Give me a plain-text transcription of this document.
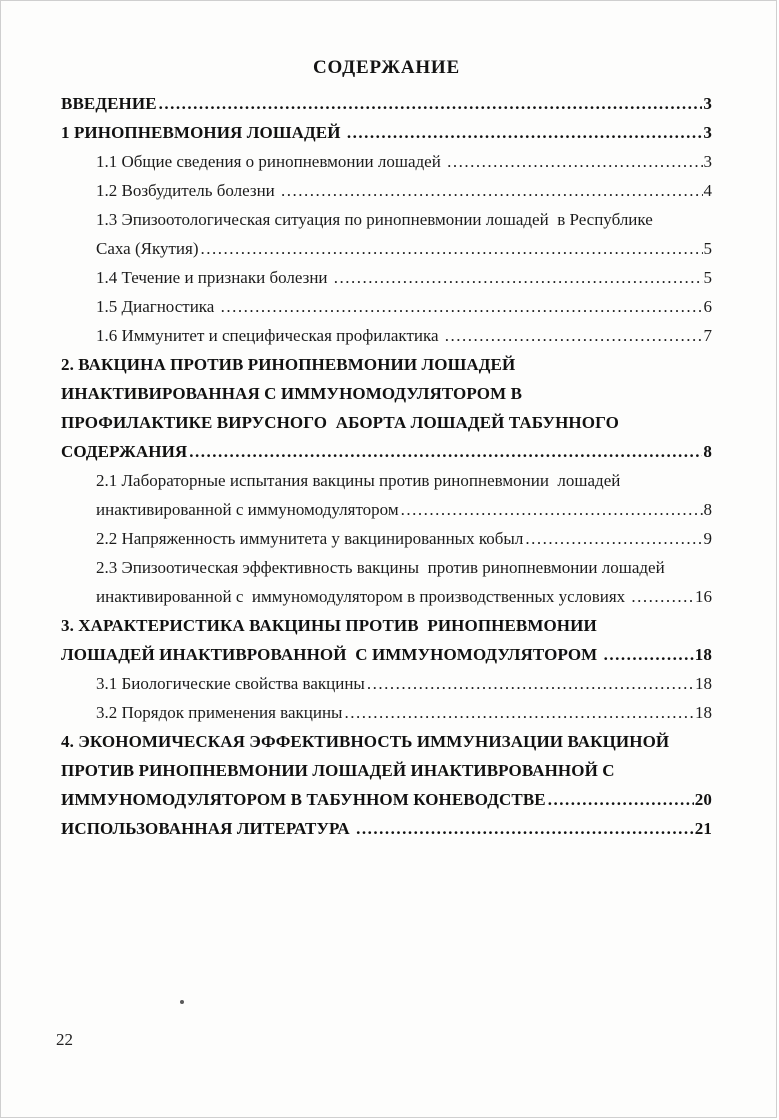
СОДЕРЖАНИЕ
ВВЕДЕНИЕ .....	3
1 РИНОПНЕВМОНИЯ ЛОШАДЕЙ .....	3
1.1 Общие сведения о ринопневмонии лошадей .....	3
1.2 Возбудитель болезни .....	4
1.3 Эпизоотологическая ситуация по ринопневмонии лошадей  в Республике
Саха (Якутия) .....	5
1.4 Течение и признаки болезни .....	5
1.5 Диагностика .....	6
1.6 Иммунитет и специфическая профилактика .....	7
2. ВАКЦИНА ПРОТИВ РИНОПНЕВМОНИИ ЛОШАДЕЙ
ИНАКТИВИРОВАННАЯ С ИММУНОМОДУЛЯТОРОМ В
ПРОФИЛАКТИКЕ ВИРУСНОГО  АБОРТА ЛОШАДЕЙ ТАБУННОГО
СОДЕРЖАНИЯ .....	8
2.1 Лабораторные испытания вакцины против ринопневмонии  лошадей
инактивированной с иммуномодулятором .....	8
2.2 Напряженность иммунитета у вакцинированных кобыл .....	9
2.3 Эпизоотическая эффективность вакцины  против ринопневмонии лошадей
инактивированной с  иммуномодулятором в производственных условиях .....	16
3. ХАРАКТЕРИСТИКА ВАКЦИНЫ ПРОТИВ  РИНОПНЕВМОНИИ
ЛОШАДЕЙ ИНАКТИВРОВАННОЙ  С ИММУНОМОДУЛЯТОРОМ .....	18
3.1 Биологические свойства вакцины .....	18
3.2 Порядок применения вакцины .....	18
4. ЭКОНОМИЧЕСКАЯ ЭФФЕКТИВНОСТЬ ИММУНИЗАЦИИ ВАКЦИНОЙ
ПРОТИВ РИНОПНЕВМОНИИ ЛОШАДЕЙ ИНАКТИВРОВАННОЙ С
ИММУНОМОДУЛЯТОРОМ В ТАБУННОМ КОНЕВОДСТВЕ .....	20
ИСПОЛЬЗОВАННАЯ ЛИТЕРАТУРА .....	21
22
